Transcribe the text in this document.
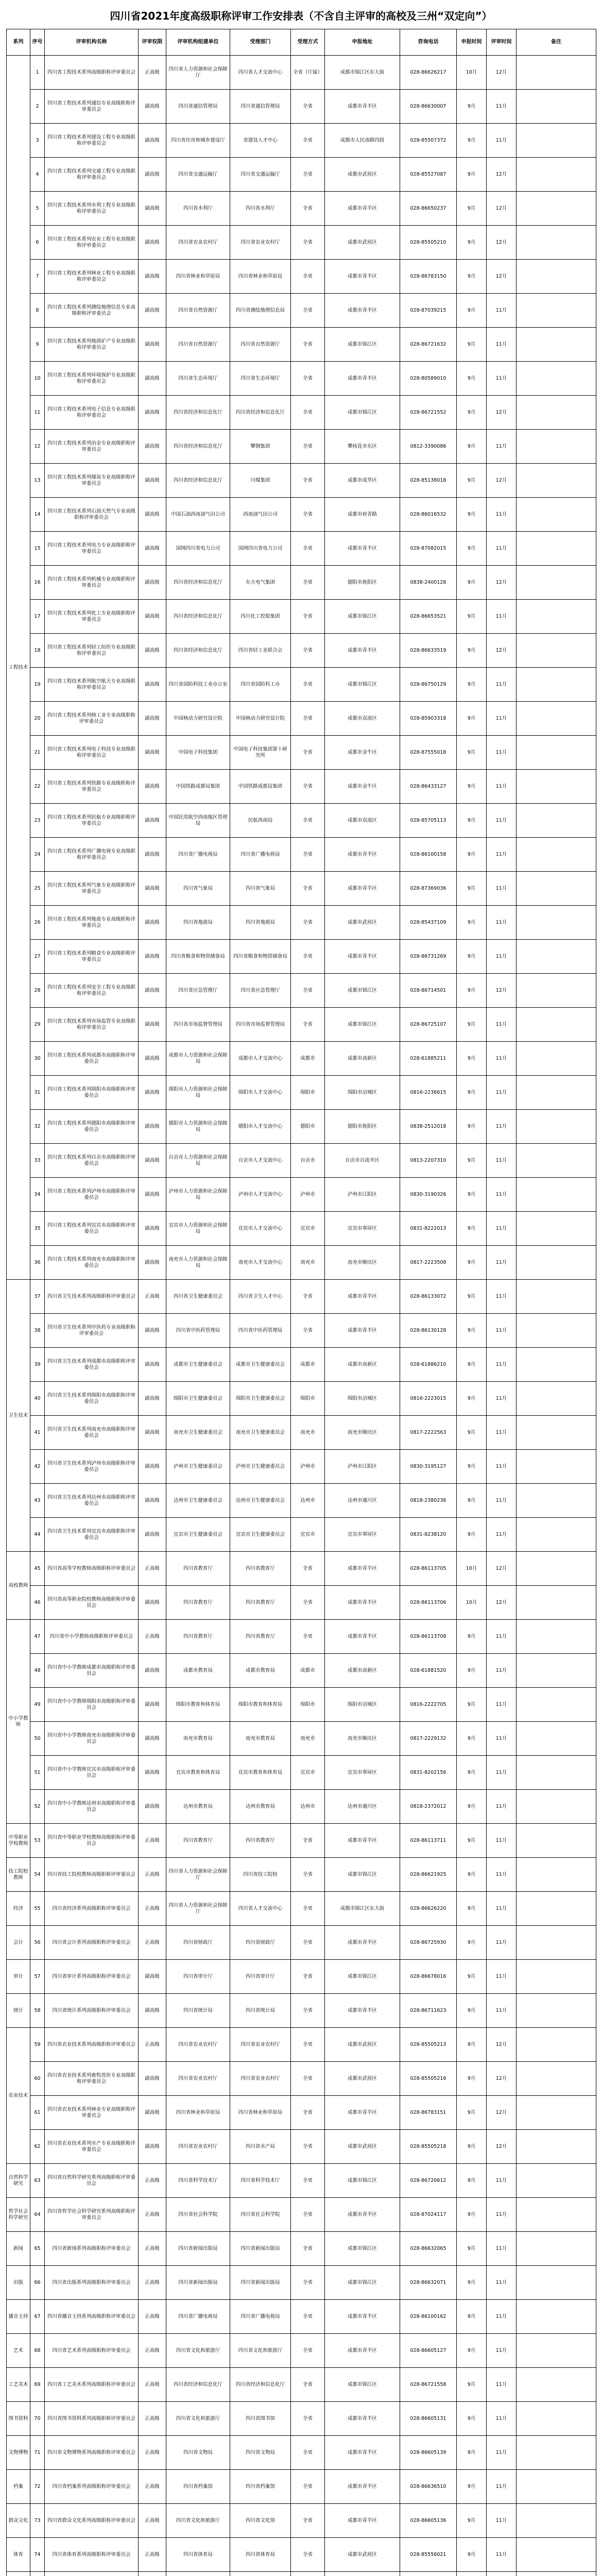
四川省2021年度高级职称评审工作安排表（不含自主评审的高校及三州“双定向”）
系列	序号	评审机构名称	评审权限	评审机构组建单位	受理部门	受理方式	申报地址	咨询电话	申报时间	评审时间	备注
工程技术	1	四川省工程技术系列高级职称评审委员会	正高级	四川省人力资源和社会保障厅	四川省人才交流中心	全省（厅属）	成都市锦江区东大街	028-86626217	10月	12月	
	2	四川省工程技术系列通信专业高级职称评审委员会	副高级	四川省通信管理局	四川省通信管理局	全省	成都市青羊区	028-86630007	9月	11月	
	3	四川省工程技术系列建设工程专业高级职称评审委员会	副高级	四川省住房和城乡建设厅	省建设人才中心	全省	成都市人民南路四段	028-85507372	9月	11月	
	4	四川省工程技术系列交通工程专业高级职称评审委员会	副高级	四川省交通运输厅	四川省交通运输厅	全省	成都市武侯区	028-85527087	9月	12月	
	5	四川省工程技术系列水利工程专业高级职称评审委员会	副高级	四川省水利厅	四川省水利厅	全省	成都市青羊区	028-86650237	9月	12月	
	6	四川省工程技术系列农业工程专业高级职称评审委员会	副高级	四川省农业农村厅	四川省农业农村厅	全省	成都市武侯区	028-85505210	9月	12月	
	7	四川省工程技术系列林业工程专业高级职称评审委员会	副高级	四川省林业和草原局	四川省林业和草原局	全省	成都市青羊区	028-86783150	9月	12月	
	8	四川省工程技术系列测绘地理信息专业高级职称评审委员会	副高级	四川省自然资源厅	四川省测绘地理信息局	全省	成都市青羊区	028-87039215	9月	11月	
	9	四川省工程技术系列地质矿产专业高级职称评审委员会	副高级	四川省自然资源厅	四川省自然资源厅	全省	成都市锦江区	028-86721632	9月	11月	
	10	四川省工程技术系列环境保护专业高级职称评审委员会	副高级	四川省生态环境厅	四川省生态环境厅	全省	成都市青羊区	028-80589010	9月	11月	
	11	四川省工程技术系列电子信息专业高级职称评审委员会	副高级	四川省经济和信息化厅	四川省经济和信息化厅	全省	成都市锦江区	028-86721552	9月	12月	
	12	四川省工程技术系列冶金专业高级职称评审委员会	副高级	四川省经济和信息化厅	攀钢集团	全省	攀枝花市东区	0812-3390086	9月	11月	
	13	四川省工程技术系列煤炭专业高级职称评审委员会	副高级	四川省经济和信息化厅	川煤集团	全省	成都市成华区	028-85138018	9月	12月	
	14	四川省工程技术系列石油天然气专业高级职称评审委员会	副高级	中国石油西南油气田公司	西南油气田公司	全省	成都市府青路	028-86016532	9月	11月	
	15	四川省工程技术系列电力专业高级职称评审委员会	副高级	国网四川省电力公司	国网四川省电力公司	全省	成都市青羊区	028-87082015	9月	11月	
	16	四川省工程技术系列机械专业高级职称评审委员会	副高级	四川省经济和信息化厅	东方电气集团	全省	德阳市旌阳区	0838-2400128	9月	12月	
	17	四川省工程技术系列化工专业高级职称评审委员会	副高级	四川省经济和信息化厅	四川化工控股集团	全省	成都市锦江区	028-86653521	9月	11月	
	18	四川省工程技术系列轻工纺织专业高级职称评审委员会	副高级	四川省经济和信息化厅	四川省轻工业联合会	全省	成都市青羊区	028-86633519	9月	12月	
	19	四川省工程技术系列航空航天专业高级职称评审委员会	副高级	四川省国防科技工业办公室	四川省国防科工办	全省	成都市锦江区	028-86750129	9月	11月	
	20	四川省工程技术系列核工业专业高级职称评审委员会	副高级	中国核动力研究设计院	中国核动力研究设计院	全省	成都市双流区	028-85903318	9月	11月	
	21	四川省工程技术系列电子科技专业高级职称评审委员会	副高级	中国电子科技集团	中国电子科技集团第十研究所	全省	成都市金牛区	028-87555018	9月	11月	
	22	四川省工程技术系列铁路专业高级职称评审委员会	副高级	中国铁路成都局集团	中国铁路成都局集团	全省	成都市金牛区	028-86433127	9月	11月	
	23	四川省工程技术系列民航专业高级职称评审委员会	副高级	中国民用航空西南地区管理局	民航西南局	全省	成都市双流区	028-85705113	9月	11月	
	24	四川省工程技术系列广播电视专业高级职称评审委员会	副高级	四川省广播电视局	四川省广播电视局	全省	成都市青羊区	028-86100158	9月	11月	
	25	四川省工程技术系列气象专业高级职称评审委员会	副高级	四川省气象局	四川省气象局	全省	成都市青羊区	028-87369036	9月	11月	
	26	四川省工程技术系列地震专业高级职称评审委员会	副高级	四川省地震局	四川省地震局	全省	成都市武侯区	028-85437109	9月	11月	
	27	四川省工程技术系列粮食专业高级职称评审委员会	副高级	四川省粮食和物资储备局	四川省粮食和物资储备局	全省	成都市青羊区	028-86731269	9月	11月	
	28	四川省工程技术系列安全工程专业高级职称评审委员会	副高级	四川省应急管理厅	四川省应急管理厅	全省	成都市锦江区	028-86714501	9月	12月	
	29	四川省工程技术系列市场监管专业高级职称评审委员会	副高级	四川省市场监督管理局	四川省市场监督管理局	全省	成都市锦江区	028-86725107	9月	11月	
	30	四川省工程技术系列成都市高级职称评审委员会	副高级	成都市人力资源和社会保障局	成都市人才交流中心	成都市	成都市高新区	028-61885211	9月	11月	
	31	四川省工程技术系列绵阳市高级职称评审委员会	副高级	绵阳市人力资源和社会保障局	绵阳市人才交流中心	绵阳市	绵阳市涪城区	0816-2236615	9月	11月	
	32	四川省工程技术系列德阳市高级职称评审委员会	副高级	德阳市人力资源和社会保障局	德阳市人才交流中心	德阳市	德阳市旌阳区	0838-2512018	9月	11月	
	33	四川省工程技术系列自贡市高级职称评审委员会	副高级	自贡市人力资源和社会保障局	自贡市人才交流中心	自贡市	自贡市自流井区	0813-2207310	9月	11月	
	34	四川省工程技术系列泸州市高级职称评审委员会	副高级	泸州市人力资源和社会保障局	泸州市人才交流中心	泸州市	泸州市江阳区	0830-3190326	9月	11月	
	35	四川省工程技术系列宜宾市高级职称评审委员会	副高级	宜宾市人力资源和社会保障局	宜宾市人才交流中心	宜宾市	宜宾市翠屏区	0831-8222013	9月	11月	
	36	四川省工程技术系列南充市高级职称评审委员会	副高级	南充市人力资源和社会保障局	南充市人才交流中心	南充市	南充市顺庆区	0817-2223508	9月	11月	
卫生技术	37	四川省卫生技术系列高级职称评审委员会	正高级	四川省卫生健康委员会	四川省卫生人才中心	全省	成都市青羊区	028-86133072	9月	11月	
	38	四川省卫生技术系列中医药专业高级职称评审委员会	副高级	四川省中医药管理局	四川省中医药管理局	全省	成都市青羊区	028-86130128	9月	11月	
	39	四川省卫生技术系列成都市高级职称评审委员会	副高级	成都市卫生健康委员会	成都市卫生健康委员会	成都市	成都市高新区	028-61886210	9月	11月	
	40	四川省卫生技术系列绵阳市高级职称评审委员会	副高级	绵阳市卫生健康委员会	绵阳市卫生健康委员会	绵阳市	绵阳市涪城区	0816-2223015	9月	11月	
	41	四川省卫生技术系列南充市高级职称评审委员会	副高级	南充市卫生健康委员会	南充市卫生健康委员会	南充市	南充市顺庆区	0817-2222563	9月	11月	
	42	四川省卫生技术系列泸州市高级职称评审委员会	副高级	泸州市卫生健康委员会	泸州市卫生健康委员会	泸州市	泸州市江阳区	0830-3195127	9月	11月	
	43	四川省卫生技术系列达州市高级职称评审委员会	副高级	达州市卫生健康委员会	达州市卫生健康委员会	达州市	达州市通川区	0818-2380236	9月	11月	
	44	四川省卫生技术系列宜宾市高级职称评审委员会	副高级	宜宾市卫生健康委员会	宜宾市卫生健康委员会	宜宾市	宜宾市翠屏区	0831-8238120	9月	11月	
高校教师	45	四川省高等学校教师高级职称评审委员会	正高级	四川省教育厅	四川省教育厅	全省	成都市青羊区	028-86113705	10月	12月	
	46	四川省高等职业院校教师高级职称评审委员会	副高级	四川省教育厅	四川省教育厅	全省	成都市青羊区	028-86113706	10月	12月	
中小学教师	47	四川省中小学教师高级职称评审委员会	正高级	四川省教育厅	四川省教育厅	全省	成都市青羊区	028-86113708	9月	11月	
	48	四川省中小学教师成都市高级职称评审委员会	副高级	成都市教育局	成都市教育局	成都市	成都市高新区	028-61881520	9月	11月	
	49	四川省中小学教师绵阳市高级职称评审委员会	副高级	绵阳市教育和体育局	绵阳市教育和体育局	绵阳市	绵阳市涪城区	0816-2222705	9月	11月	
	50	四川省中小学教师南充市高级职称评审委员会	副高级	南充市教育局	南充市教育局	南充市	南充市顺庆区	0817-2229132	9月	11月	
	51	四川省中小学教师宜宾市高级职称评审委员会	副高级	宜宾市教育和体育局	宜宾市教育和体育局	宜宾市	宜宾市翠屏区	0831-8202156	9月	11月	
	52	四川省中小学教师达州市高级职称评审委员会	副高级	达州市教育局	达州市教育局	达州市	达州市通川区	0818-2372012	9月	11月	
中等职业学校教师	53	四川省中等职业学校教师高级职称评审委员会	正高级	四川省教育厅	四川省教育厅	全省	成都市青羊区	028-86113711	9月	11月	
技工院校教师	54	四川省技工院校教师高级职称评审委员会	正高级	四川省人力资源和社会保障厅	四川省技工院校	全省	成都市锦江区	028-86621925	9月	11月	
经济	55	四川省经济系列高级职称评审委员会	正高级	四川省人力资源和社会保障厅	四川省人才交流中心	全省	成都市锦江区东大街	028-86626220	9月	11月	
会计	56	四川省会计系列高级职称评审委员会	正高级	四川省财政厅	四川省财政厅	全省	成都市青羊区	028-86725930	9月	11月	
审计	57	四川省审计系列高级职称评审委员会	副高级	四川省审计厅	四川省审计厅	全省	成都市锦江区	028-86678016	9月	11月	
统计	58	四川省统计系列高级职称评审委员会	副高级	四川省统计局	四川省统计局	全省	成都市青羊区	028-86711623	9月	11月	
农业技术	59	四川省农业技术系列高级职称评审委员会	正高级	四川省农业农村厅	四川省农业农村厅	全省	成都市武侯区	028-85505213	9月	12月	
	60	四川省农业技术系列畜牧兽医专业高级职称评审委员会	副高级	四川省农业农村厅	四川省农业农村厅	全省	成都市武侯区	028-85505216	9月	12月	
	61	四川省农业技术系列林业专业高级职称评审委员会	副高级	四川省林业和草原局	四川省林业和草原局	全省	成都市青羊区	028-86783151	9月	12月	
	62	四川省农业技术系列水产专业高级职称评审委员会	副高级	四川省农业农村厅	四川省水产局	全省	成都市武侯区	028-85505218	9月	12月	
自然科学研究	63	四川省自然科学研究系列高级职称评审委员会	正高级	四川省科学技术厅	四川省科学技术厅	全省	成都市锦江区	028-86720612	9月	11月	
哲学社会科学研究	64	四川省哲学社会科学研究系列高级职称评审委员会	正高级	四川省社会科学院	四川省社会科学院	全省	成都市青羊区	028-87024117	9月	11月	
新闻	65	四川省新闻系列高级职称评审委员会	正高级	四川省新闻出版局	四川省新闻出版局	全省	成都市锦江区	028-86632065	9月	11月	
出版	66	四川省出版系列高级职称评审委员会	正高级	四川省新闻出版局	四川省新闻出版局	全省	成都市锦江区	028-86632071	9月	11月	
播音主持	67	四川省播音主持系列高级职称评审委员会	正高级	四川省广播电视局	四川省广播电视局	全省	成都市青羊区	028-86100162	9月	11月	
艺术	68	四川省艺术系列高级职称评审委员会	正高级	四川省文化和旅游厅	四川省文化和旅游厅	全省	成都市青羊区	028-86605127	9月	11月	
工艺美术	69	四川省工艺美术系列高级职称评审委员会	正高级	四川省经济和信息化厅	四川省经济和信息化厅	全省	成都市锦江区	028-86721558	9月	11月	
图书资料	70	四川省图书资料系列高级职称评审委员会	正高级	四川省文化和旅游厅	四川省图书馆	全省	成都市青羊区	028-86605131	9月	11月	
文物博物	71	四川省文物博物系列高级职称评审委员会	正高级	四川省文物局	四川省文物局	全省	成都市青羊区	028-86605139	9月	11月	
档案	72	四川省档案系列高级职称评审委员会	正高级	四川省档案馆	四川省档案馆	全省	成都市青羊区	028-86636510	9月	11月	
群众文化	73	四川省群众文化系列高级职称评审委员会	正高级	四川省文化和旅游厅	四川省文化馆	全省	成都市青羊区	028-86605136	9月	11月	
体育	74	四川省体育系列高级职称评审委员会	正高级	四川省体育局	四川省体育局	全省	成都市武侯区	028-85556021	9月	11月	
